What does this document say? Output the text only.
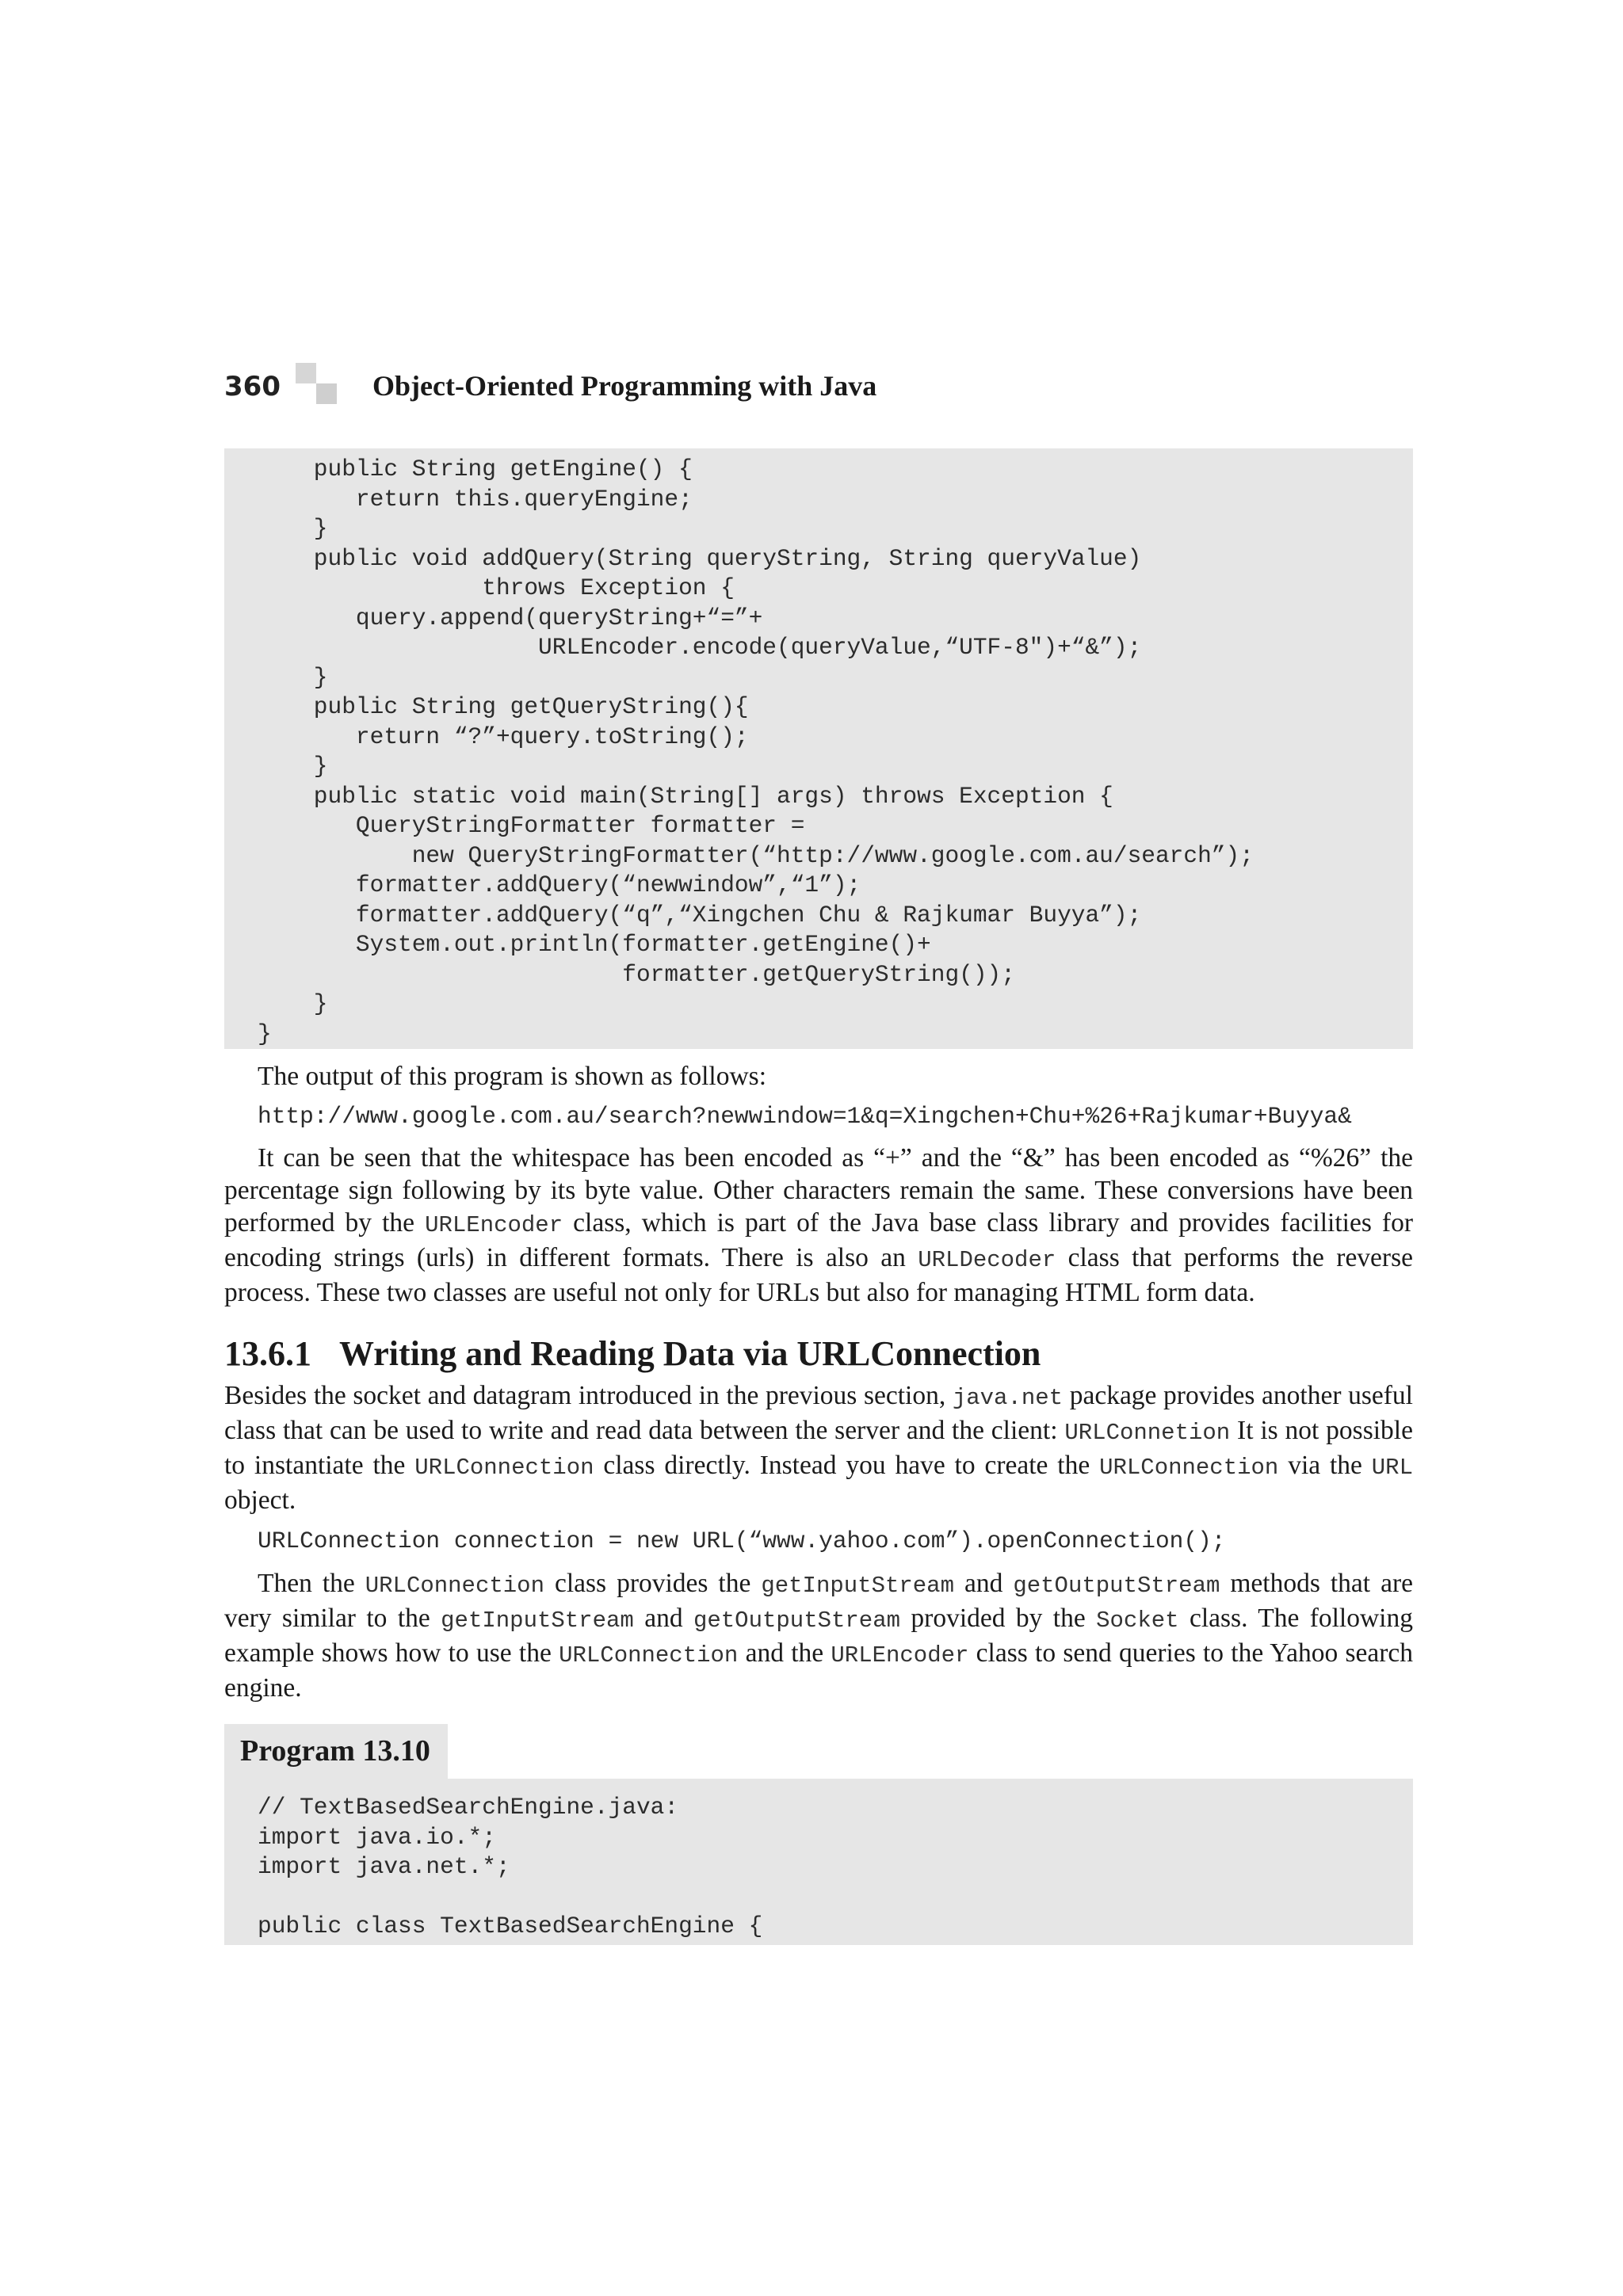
360	Object-Oriented Programming with Java
public String getEngine() {
return this.queryEngine;
}
public void addQuery(String queryString, String queryValue)
throws Exception {
query.append(queryString+“=”+
URLEncoder.encode(queryValue,“UTF-8")+“&”);
}
public String getQueryString(){
return “?”+query.toString();
}
public static void main(String[] args) throws Exception {
QueryStringFormatter formatter =
new QueryStringFormatter(“http://www.google.com.au/search”);
formatter.addQuery(“newwindow”,“1”);
formatter.addQuery(“q”,“Xingchen Chu & Rajkumar Buyya”);
System.out.println(formatter.getEngine()+
formatter.getQueryString());
}
}

The output of this program is shown as follows:

http://www.google.com.au/search?newwindow=1&q=Xingchen+Chu+%26+Rajkumar+Buyya&

It can be seen that the whitespace has been encoded as “+” and the “&” has been encoded as “%26” the percentage sign following by its byte value. Other characters remain the same. These conversions have been performed by the URLEncoder class, which is part of the Java base class library and provides facilities for encoding strings (urls) in different formats. There is also an URLDecoder class that performs the reverse process. These two classes are useful not only for URLs but also for managing HTML form data.

13.6.1 Writing and Reading Data via URLConnection

Besides the socket and datagram introduced in the previous section, java.net package provides another useful class that can be used to write and read data between the server and the client: URLConnetion It is not possible to instantiate the URLConnection class directly. Instead you have to create the URLConnection via the URL object.

URLConnection connection = new URL(“www.yahoo.com”).openConnection();

Then the URLConnection class provides the getInputStream and getOutputStream methods that are very similar to the getInputStream and getOutputStream provided by the Socket class. The following example shows how to use the URLConnection and the URLEncoder class to send queries to the Yahoo search engine.

Program 13.10
// TextBasedSearchEngine.java:
import java.io.*;
import java.net.*;

public class TextBasedSearchEngine {
